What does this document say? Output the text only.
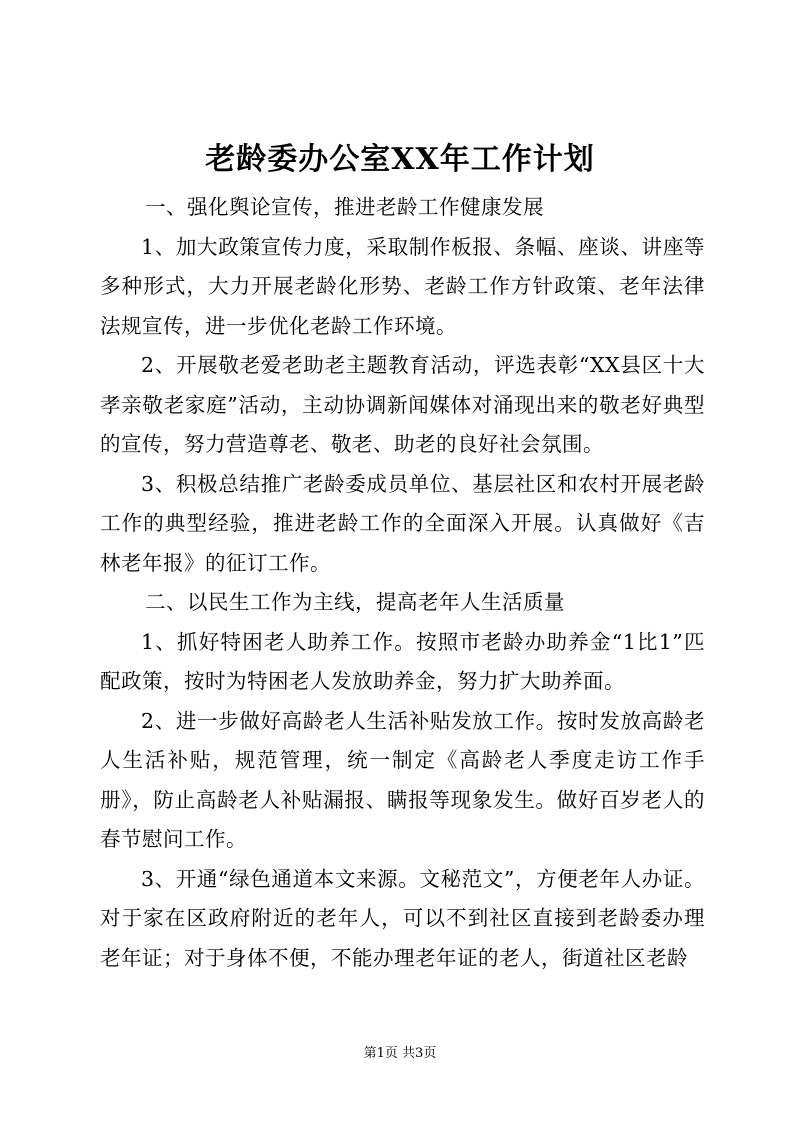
老龄委办公室XX年工作计划

一、强化舆论宣传，推进老龄工作健康发展

1、加大政策宣传力度，采取制作板报、条幅、座谈、讲座等多种形式，大力开展老龄化形势、老龄工作方针政策、老年法律法规宣传，进一步优化老龄工作环境。

2、开展敬老爱老助老主题教育活动，评选表彰“XX县区十大孝亲敬老家庭”活动，主动协调新闻媒体对涌现出来的敬老好典型的宣传，努力营造尊老、敬老、助老的良好社会氛围。

3、积极总结推广老龄委成员单位、基层社区和农村开展老龄工作的典型经验，推进老龄工作的全面深入开展。认真做好《吉林老年报》的征订工作。

二、以民生工作为主线，提高老年人生活质量

1、抓好特困老人助养工作。按照市老龄办助养金“1比1”匹配政策，按时为特困老人发放助养金，努力扩大助养面。

2、进一步做好高龄老人生活补贴发放工作。按时发放高龄老人生活补贴，规范管理，统一制定《高龄老人季度走访工作手册》，防止高龄老人补贴漏报、瞒报等现象发生。做好百岁老人的春节慰问工作。

3、开通“绿色通道本文来源。文秘范文”，方便老年人办证。对于家在区政府附近的老年人，可以不到社区直接到老龄委办理老年证；对于身体不便，不能办理老年证的老人，街道社区老龄

第1页 共3页
